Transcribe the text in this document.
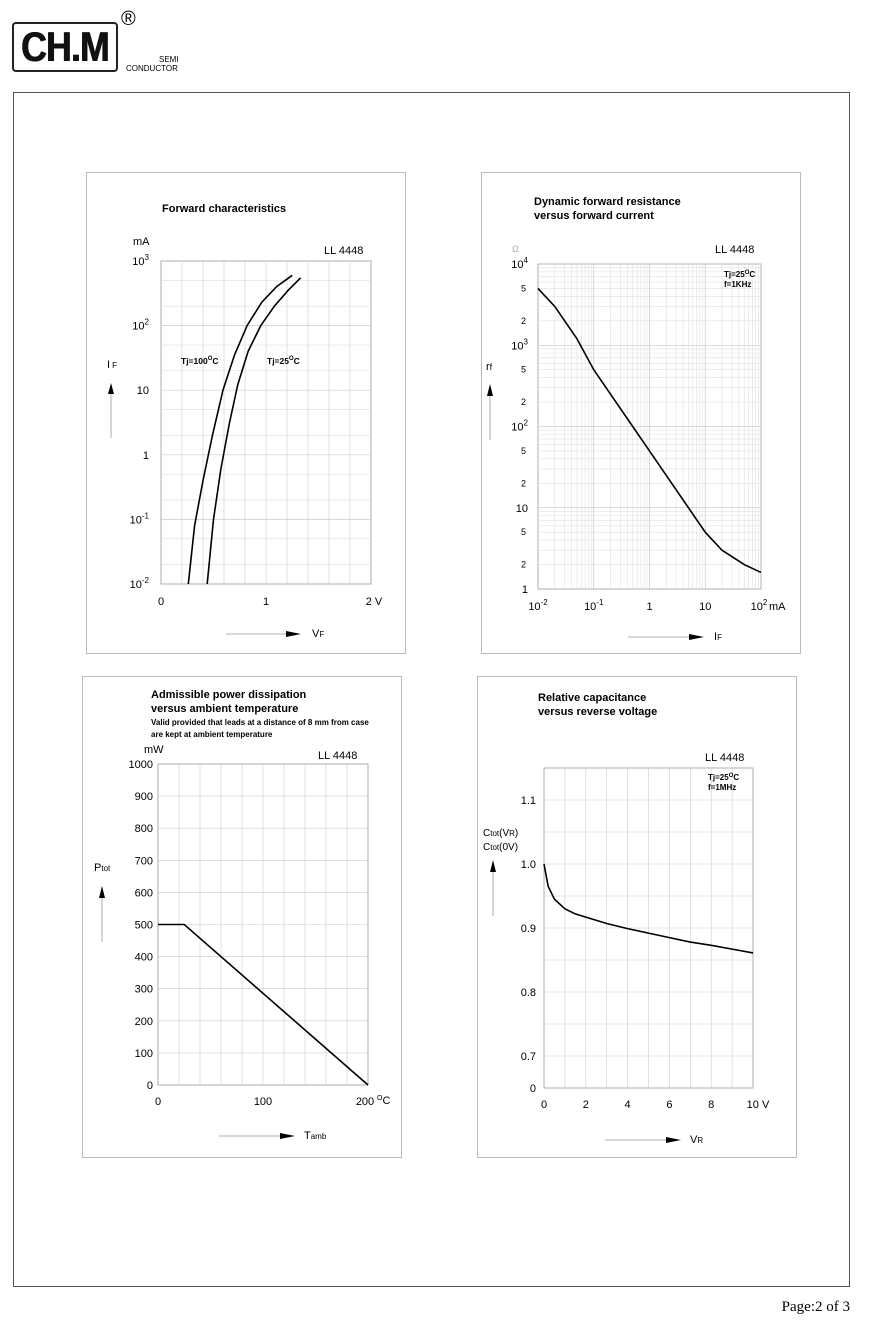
CH.M
®
SEMI
CONDUCTOR
Forward characteristics
mA
LL 4448
$10^3$
$10^2$
10
1
$10^{-1}$
$10^{-2}$
0	1	2 V
$Tj=100^OC$	$Tj=25^OC$
I F
VF
Dynamic forward resistance
versus forward current
Ω	LL 4448
$10^4$
$10^3$
$10^2$
10
1
5
2
5
2
5
2
5
2
$10^{-2}$	$10^{-1}$	1	10	$10^2$ mA
$Tj=25^OC$
f=1KHz
rf
IF
Admissible power dissipation
versus ambient temperature
Valid provided that leads at a distance of 8 mm from case
are kept at ambient temperature
mW	LL 4448
1000
900
800
700
600
500
400
300
200
100
0
0	100	200 $^O$C
Ptot
Tamb
Relative capacitance
versus reverse voltage
LL 4448
1.1
1.0
0.9
0.8
0.7
0
0	2	4	6	8	10 V
$Tj=25^OC$
f=1MHz
Ctot(VR)
Ctot(0V)
VR
Page:2 of 3
